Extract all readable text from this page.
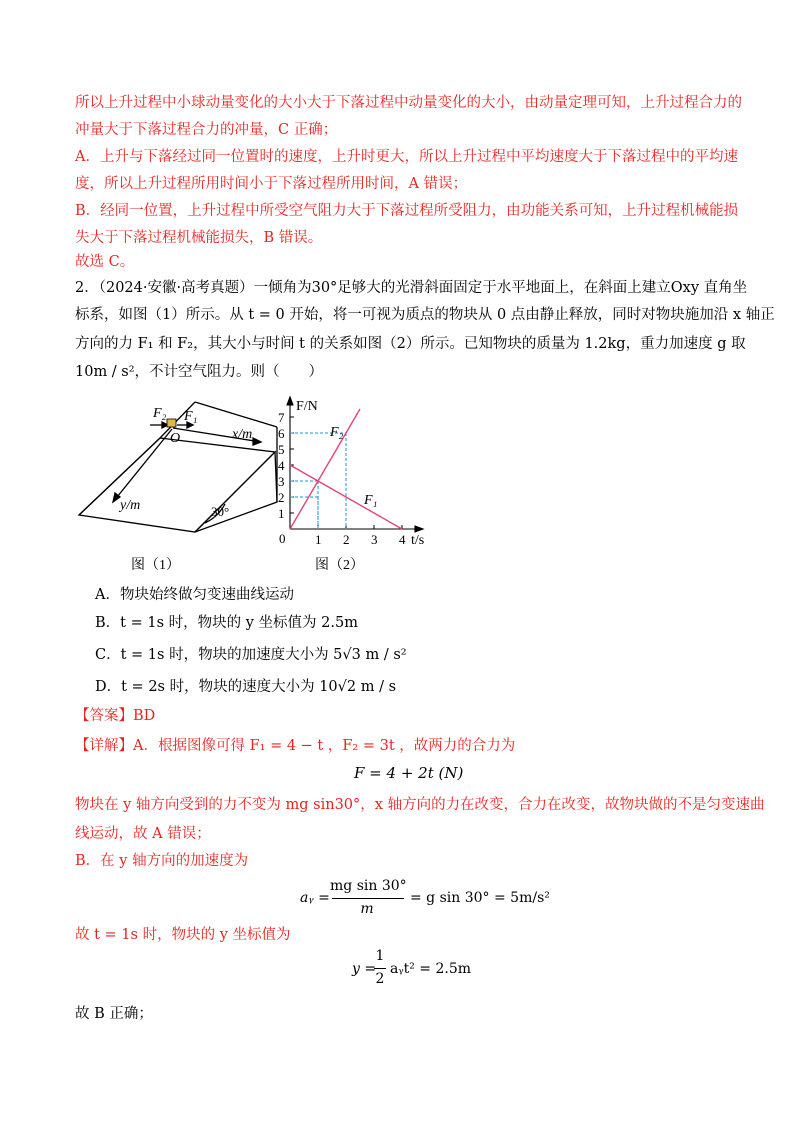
所以上升过程中小球动量变化的大小大于下落过程中动量变化的大小，由动量定理可知，上升过程合力的
冲量大于下落过程合力的冲量，C 正确；
A．上升与下落经过同一位置时的速度，上升时更大，所以上升过程中平均速度大于下落过程中的平均速
度，所以上升过程所用时间小于下落过程所用时间，A 错误；
B．经同一位置，上升过程中所受空气阻力大于下落过程所受阻力，由功能关系可知，上升过程机械能损
失大于下落过程机械能损失，B 错误。
故选 C。
2．（2024·安徽·高考真题）一倾角为30°足够大的光滑斜面固定于水平地面上，在斜面上建立Oxy 直角坐
标系，如图（1）所示。从 t = 0 开始，将一可视为质点的物块从 0 点由静止释放，同时对物块施加沿 x 轴正
方向的力 F₁ 和 F₂，其大小与时间 t 的关系如图（2）所示。已知物块的质量为 1.2kg，重力加速度 g 取
10m / s²，不计空气阻力。则（　　）
F₂ F₁
O	x/m
y/m	30°
图（1）
1
2
3
4
5
6
7
1 2 3 4
F/N
t/s
0
F₂
F₁
图（2）
A．物块始终做匀变速曲线运动
B．t = 1s 时，物块的 y 坐标值为 2.5m
C．t = 1s 时，物块的加速度大小为 5√3 m / s²
D．t = 2s 时，物块的速度大小为 10√2 m / s
【答案】BD
【详解】A．根据图像可得 F₁ = 4 − t ，F₂ = 3t ，故两力的合力为
F = 4 + 2t (N)
物块在 y 轴方向受到的力不变为 mg sin30°，x 轴方向的力在改变，合力在改变，故物块做的不是匀变速曲
线运动，故 A 错误；
B．在 y 轴方向的加速度为
aᵧ =
mg sin 30°
m
= g sin 30° = 5m/s²
故 t = 1s 时，物块的 y 坐标值为
y =
1
2
aᵧt² = 2.5m
故 B 正确；
